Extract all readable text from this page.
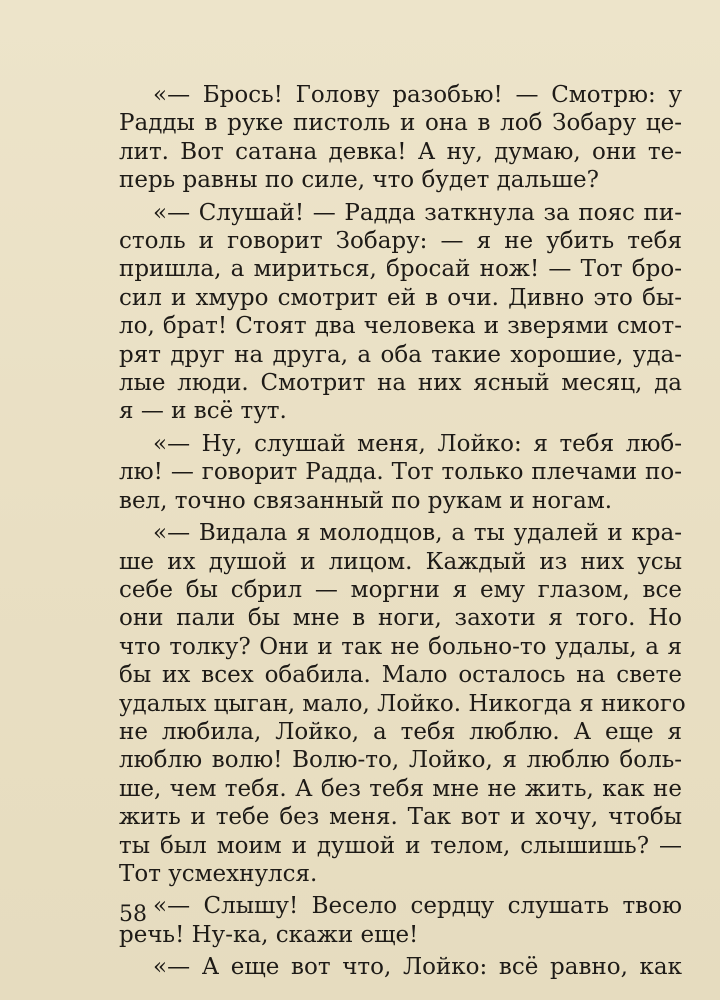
«— Брось! Голову разобью! — Смотрю: у
Радды в руке пистоль и она в лоб Зобару це-
лит. Вот сатана девка! А ну, думаю, они те-
перь равны по силе, что будет дальше?
«— Слушай! — Радда заткнула за пояс пи-
столь и говорит Зобару: — я не убить тебя
пришла, а мириться, бросай нож! — Тот бро-
сил и хмуро смотрит ей в очи. Дивно это бы-
ло, брат! Стоят два человека и зверями смот-
рят друг на друга, а оба такие хорошие, уда-
лые люди. Смотрит на них ясный месяц, да
я — и всё тут.
«— Ну, слушай меня, Лойко: я тебя люб-
лю! — говорит Радда. Тот только плечами по-
вел, точно связанный по рукам и ногам.
«— Видала я молодцов, а ты удалей и кра-
ше их душой и лицом. Каждый из них усы
себе бы сбрил — моргни я ему глазом, все
они пали бы мне в ноги, захоти я того. Но
что толку? Они и так не больно-то удалы, а я
бы их всех обабила. Мало осталось на свете
удалых цыган, мало, Лойко. Никогда я никого
не любила, Лойко, а тебя люблю. А еще я
люблю волю! Волю-то, Лойко, я люблю боль-
ше, чем тебя. А без тебя мне не жить, как не
жить и тебе без меня. Так вот и хочу, чтобы
ты был моим и душой и телом, слышишь? —
Тот усмехнулся.
«— Слышу! Весело сердцу слушать твою
речь! Ну-ка, скажи еще!
«— А еще вот что, Лойко: всё равно, как
58
